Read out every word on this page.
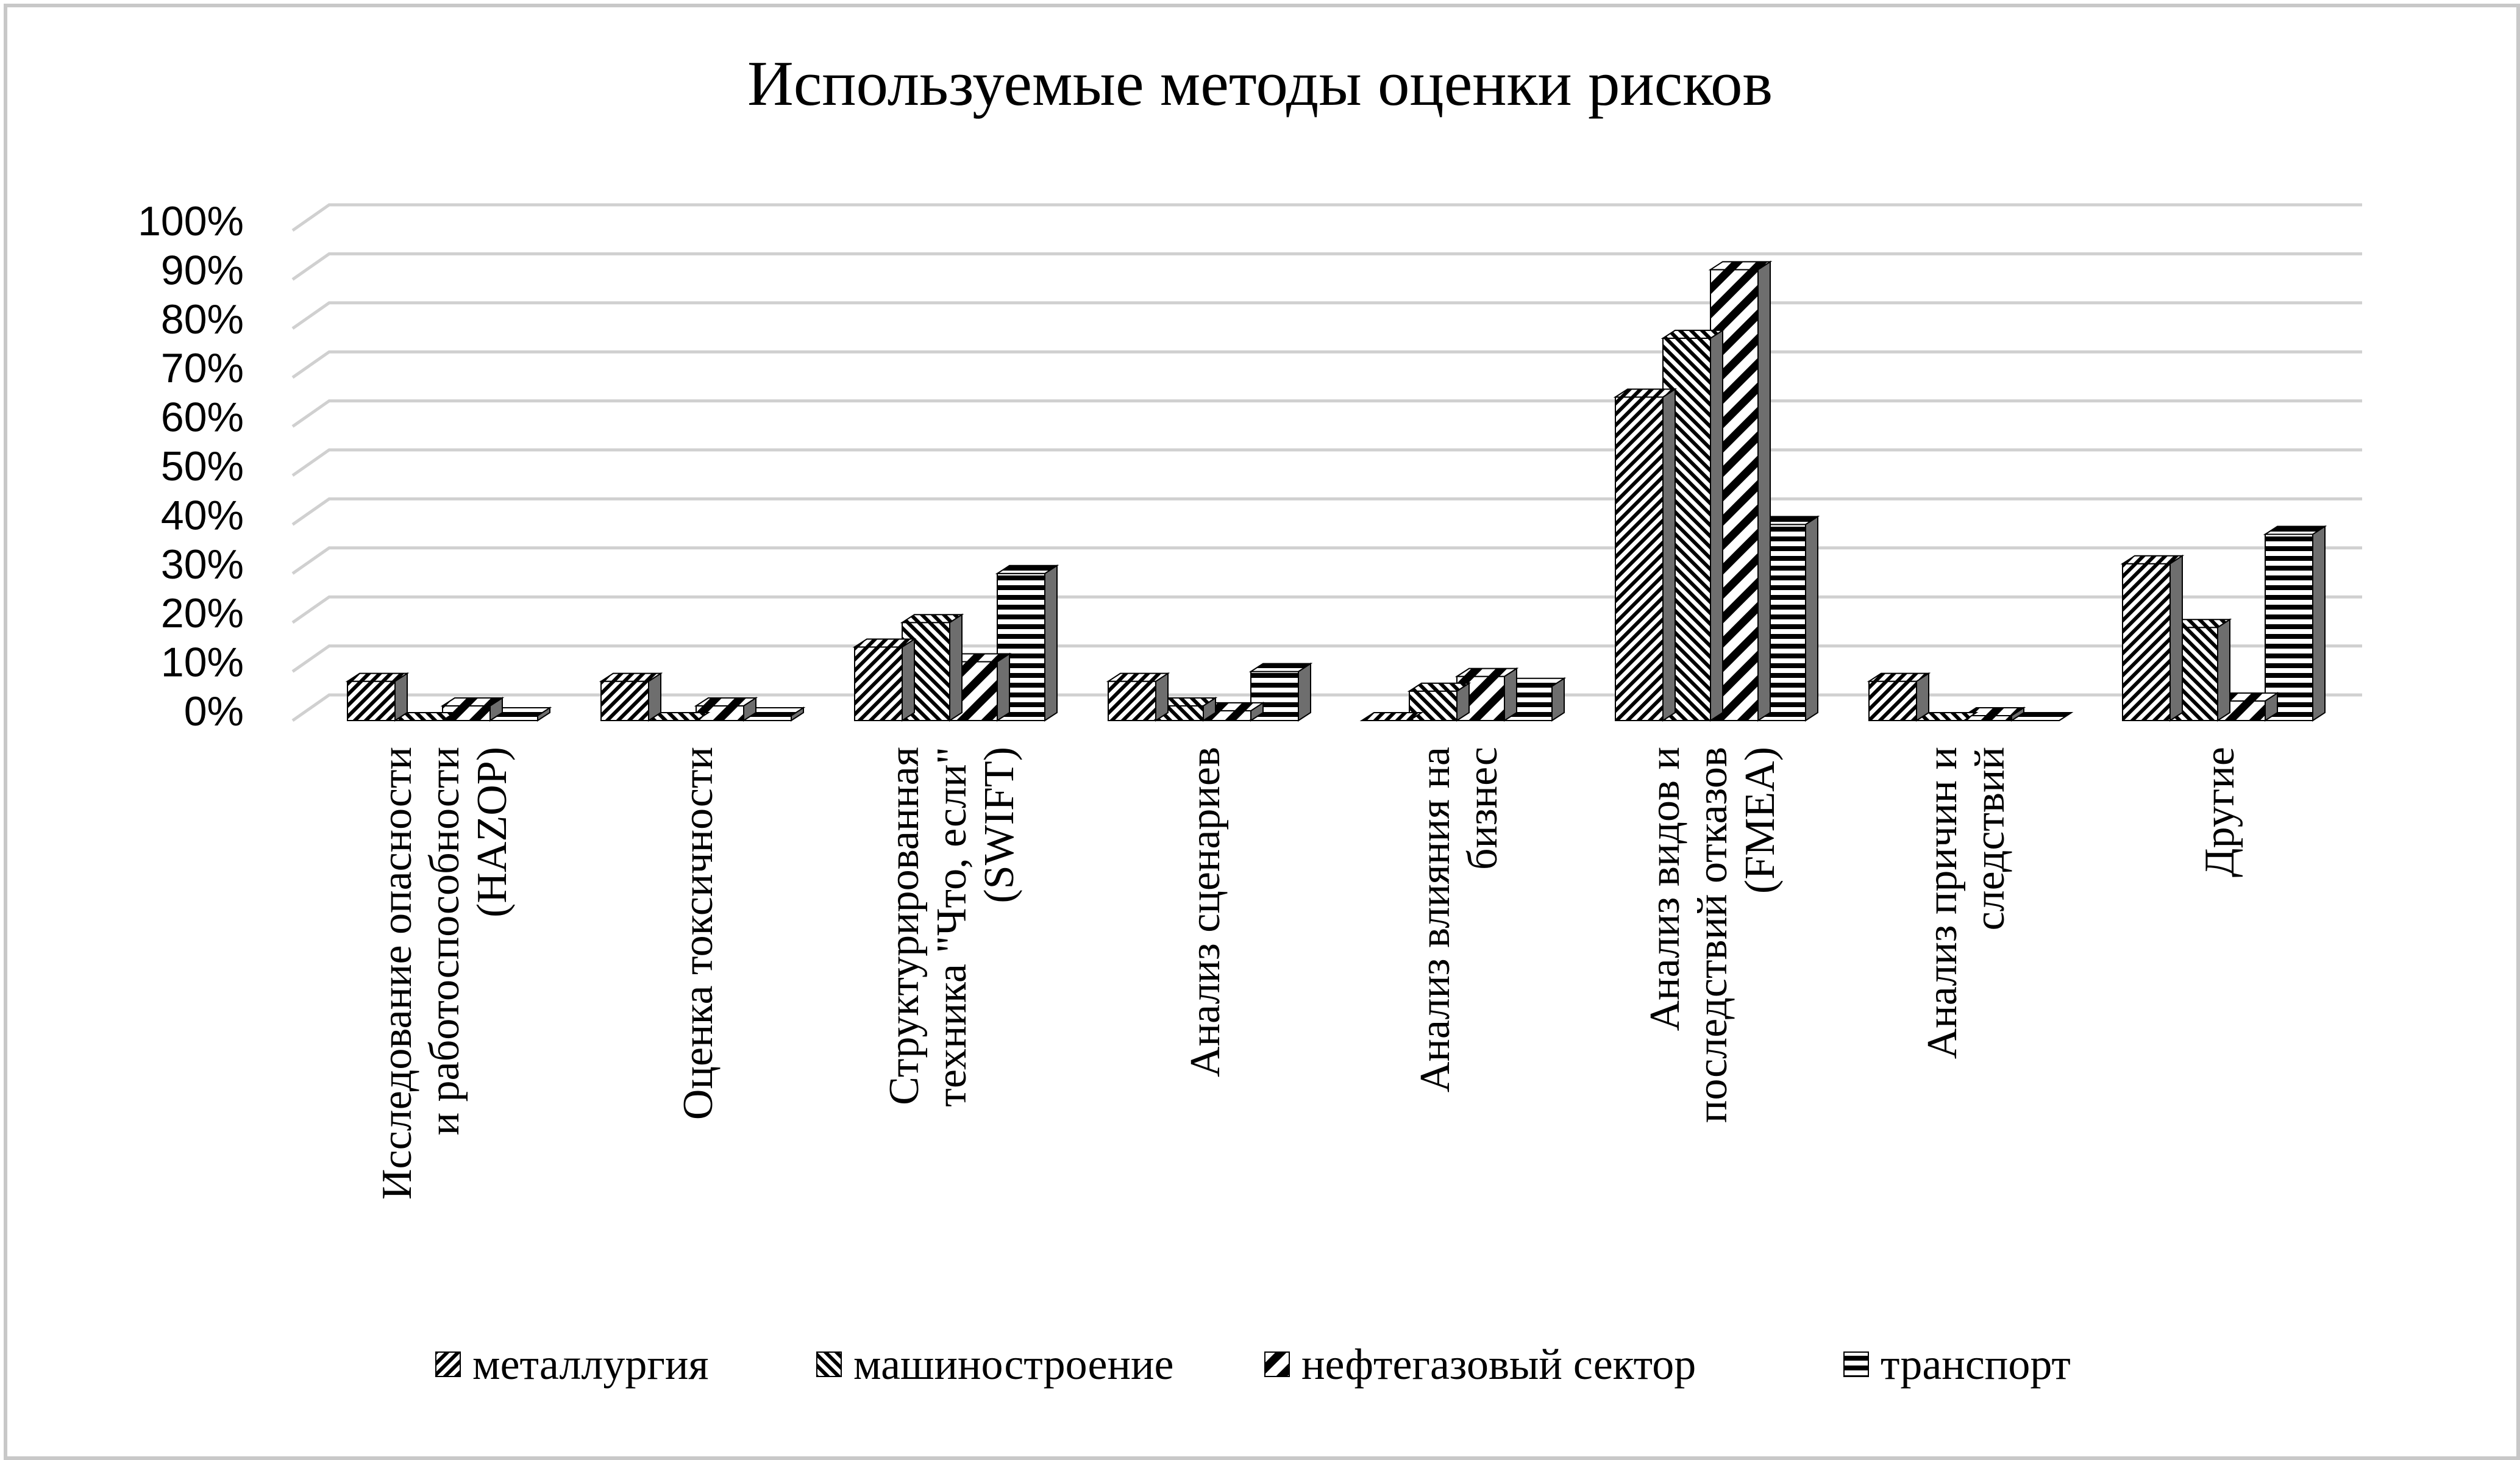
Используемые методы оценки рисков
0%
10%
20%
30%
40%
50%
60%
70%
80%
90%
100%
Исследование опасности и работоспособности (HAZOP)	Оценка токсичности	Структурированная техника "Что, если" (SWIFT)	Анализ сценариев	Анализ влияния на бизнес	Анализ видов и последствий отказов (FMEA)	Анализ причин и следствий	Другие
металлургия	машиностроение	нефтегазовый сектор	транспорт
